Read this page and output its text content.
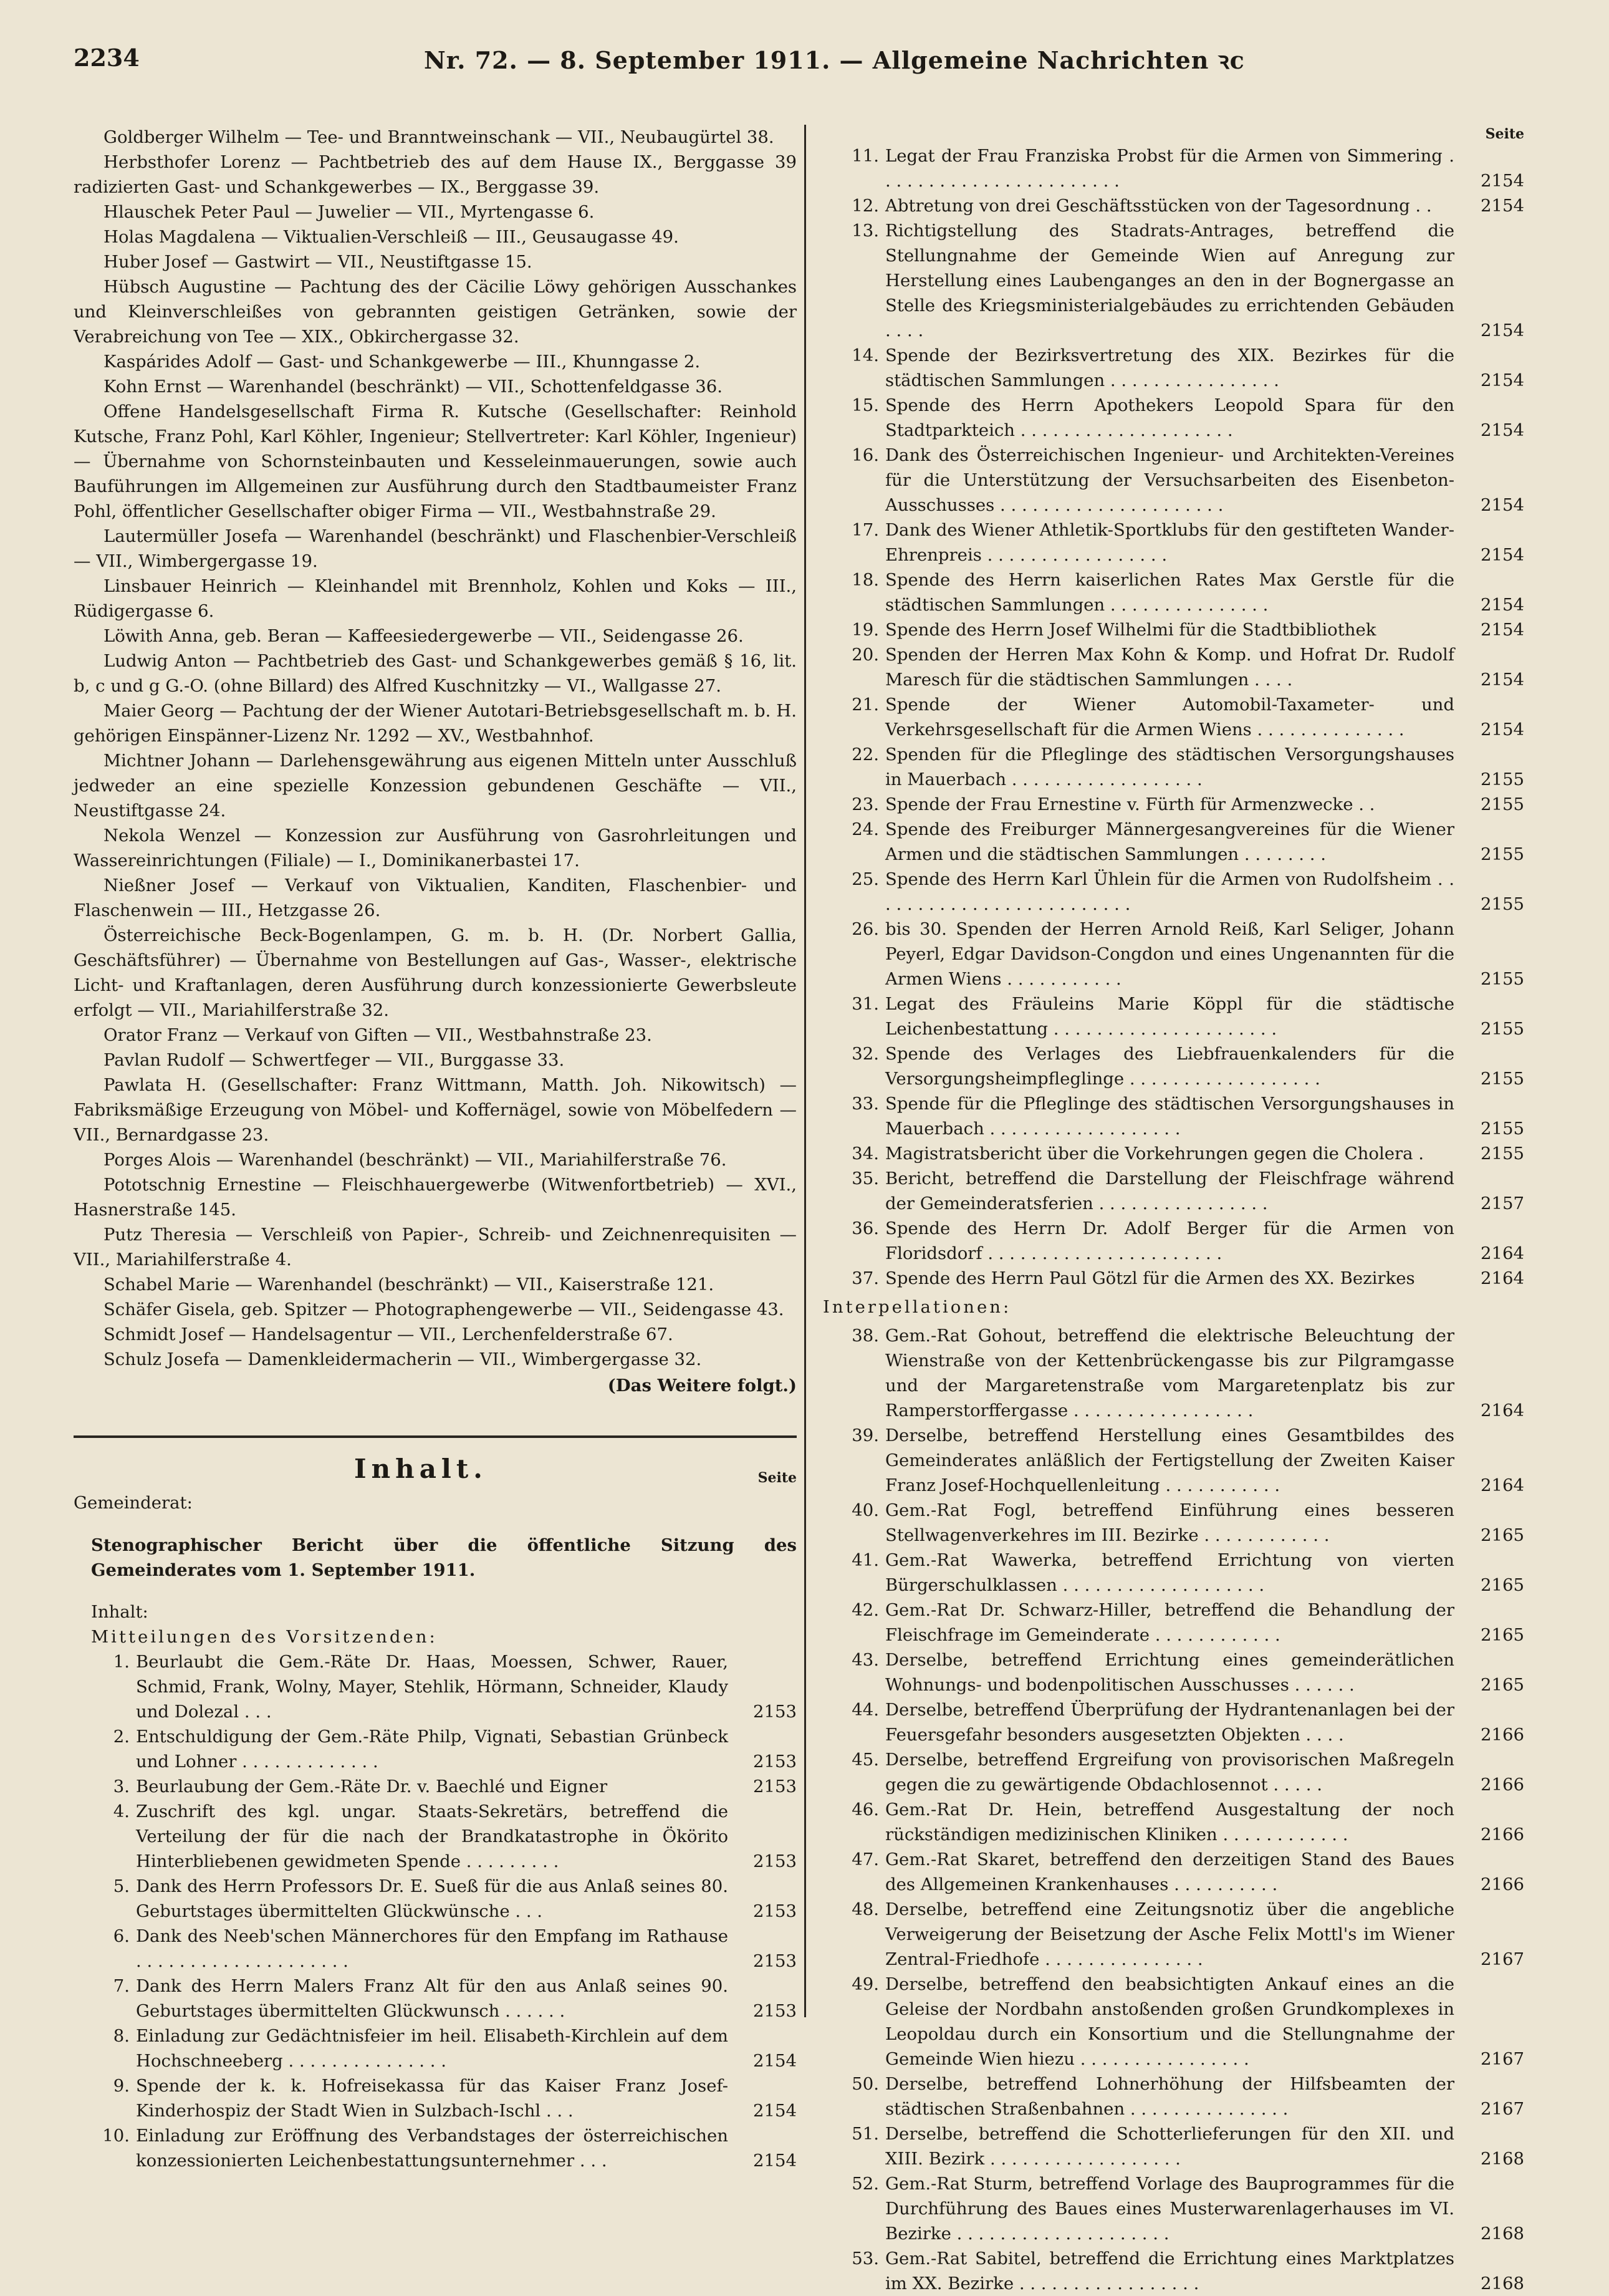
2234	Nr. 72. — 8. September 1911. — Allgemeine Nachrichten ꝛc

Goldberger Wilhelm — Tee- und Branntweinschank — VII., Neubaugürtel 38.

Herbsthofer Lorenz — Pachtbetrieb des auf dem Hause IX., Berggasse 39 radizierten Gast- und Schankgewerbes — IX., Berggasse 39.

Hlauschek Peter Paul — Juwelier — VII., Myrtengasse 6.

Holas Magdalena — Viktualien-Verschleiß — III., Geusaugasse 49.

Huber Josef — Gastwirt — VII., Neustiftgasse 15.

Hübsch Augustine — Pachtung des der Cäcilie Löwy gehörigen Ausschankes und Kleinverschleißes von gebrannten geistigen Getränken, sowie der Verabreichung von Tee — XIX., Obkirchergasse 32.

Kaspárides Adolf — Gast- und Schankgewerbe — III., Khunngasse 2.

Kohn Ernst — Warenhandel (beschränkt) — VII., Schottenfeldgasse 36.

Offene Handelsgesellschaft Firma R. Kutsche (Gesellschafter: Reinhold Kutsche, Franz Pohl, Karl Köhler, Ingenieur; Stellvertreter: Karl Köhler, Ingenieur) — Übernahme von Schornsteinbauten und Kesseleinmauerungen, sowie auch Bauführungen im Allgemeinen zur Ausführung durch den Stadtbaumeister Franz Pohl, öffentlicher Gesellschafter obiger Firma — VII., Westbahnstraße 29.

Lautermüller Josefa — Warenhandel (beschränkt) und Flaschenbier-Verschleiß — VII., Wimbergergasse 19.

Linsbauer Heinrich — Kleinhandel mit Brennholz, Kohlen und Koks — III., Rüdigergasse 6.

Löwith Anna, geb. Beran — Kaffeesiedergewerbe — VII., Seidengasse 26.

Ludwig Anton — Pachtbetrieb des Gast- und Schankgewerbes gemäß § 16, lit. b, c und g G.-O. (ohne Billard) des Alfred Kuschnitzky — VI., Wallgasse 27.

Maier Georg — Pachtung der der Wiener Autotari-Betriebsgesellschaft m. b. H. gehörigen Einspänner-Lizenz Nr. 1292 — XV., Westbahnhof.

Michtner Johann — Darlehensgewährung aus eigenen Mitteln unter Ausschluß jedweder an eine spezielle Konzession gebundenen Geschäfte — VII., Neustiftgasse 24.

Nekola Wenzel — Konzession zur Ausführung von Gasrohrleitungen und Wassereinrichtungen (Filiale) — I., Dominikanerbastei 17.

Nießner Josef — Verkauf von Viktualien, Kanditen, Flaschenbier- und Flaschenwein — III., Hetzgasse 26.

Österreichische Beck-Bogenlampen, G. m. b. H. (Dr. Norbert Gallia, Geschäftsführer) — Übernahme von Bestellungen auf Gas-, Wasser-, elektrische Licht- und Kraftanlagen, deren Ausführung durch konzessionierte Gewerbsleute erfolgt — VII., Mariahilferstraße 32.

Orator Franz — Verkauf von Giften — VII., Westbahnstraße 23.

Pavlan Rudolf — Schwertfeger — VII., Burggasse 33.

Pawlata H. (Gesellschafter: Franz Wittmann, Matth. Joh. Nikowitsch) — Fabriksmäßige Erzeugung von Möbel- und Koffernägel, sowie von Möbelfedern — VII., Bernardgasse 23.

Porges Alois — Warenhandel (beschränkt) — VII., Mariahilferstraße 76.

Pototschnig Ernestine — Fleischhauergewerbe (Witwenfortbetrieb) — XVI., Hasnerstraße 145.

Putz Theresia — Verschleiß von Papier-, Schreib- und Zeichnenrequisiten — VII., Mariahilferstraße 4.

Schabel Marie — Warenhandel (beschränkt) — VII., Kaiserstraße 121.

Schäfer Gisela, geb. Spitzer — Photographengewerbe — VII., Seidengasse 43.

Schmidt Josef — Handelsagentur — VII., Lerchenfelderstraße 67.

Schulz Josefa — Damenkleidermacherin — VII., Wimbergergasse 32.

(Das Weitere folgt.)
Inhalt.	Seite

Gemeinderat:

Stenographischer Bericht über die öffentliche Sitzung des Gemeinderates vom 1. September 1911.

Inhalt:

Mitteilungen des Vorsitzenden:

1. Beurlaubt die Gem.-Räte Dr. Haas, Moessen, Schwer, Rauer, Schmid, Frank, Wolny, Mayer, Stehlik, Hörmann, Schneider, Klaudy und Dolezal . . .	2153
2. Entschuldigung der Gem.-Räte Philp, Vignati, Sebastian Grünbeck und Lohner . . . . . . . . . . . . .	2153
3. Beurlaubung der Gem.-Räte Dr. v. Baechlé und Eigner	2153
4. Zuschrift des kgl. ungar. Staats-Sekretärs, betreffend die Verteilung der für die nach der Brandkatastrophe in Ökörito Hinterbliebenen gewidmeten Spende . . . . . . . . .	2153
5. Dank des Herrn Professors Dr. E. Sueß für die aus Anlaß seines 80. Geburtstages übermittelten Glückwünsche . . .	2153
6. Dank des Neeb'schen Männerchores für den Empfang im Rathause . . . . . . . . . . . . . . . . . . . .	2153
7. Dank des Herrn Malers Franz Alt für den aus Anlaß seines 90. Geburtstages übermittelten Glückwunsch . . . . . .	2153
8. Einladung zur Gedächtnisfeier im heil. Elisabeth-Kirchlein auf dem Hochschneeberg . . . . . . . . . . . . . . .	2154
9. Spende der k. k. Hofreisekassa für das Kaiser Franz Josef-Kinderhospiz der Stadt Wien in Sulzbach-Ischl . . .	2154
10. Einladung zur Eröffnung des Verbandstages der österreichischen konzessionierten Leichenbestattungsunternehmer . . .	2154
Seite
11. Legat der Frau Franziska Probst für die Armen von Simmering . . . . . . . . . . . . . . . . . . . . . . .	2154
12. Abtretung von drei Geschäftsstücken von der Tagesordnung . .	2154
13. Richtigstellung des Stadrats-Antrages, betreffend die Stellungnahme der Gemeinde Wien auf Anregung zur Herstellung eines Laubenganges an den in der Bognergasse an Stelle des Kriegsministerialgebäudes zu errichtenden Gebäuden . . . .	2154
14. Spende der Bezirksvertretung des XIX. Bezirkes für die städtischen Sammlungen . . . . . . . . . . . . . . . .	2154
15. Spende des Herrn Apothekers Leopold Spara für den Stadtparkteich . . . . . . . . . . . . . . . . . . . .	2154
16. Dank des Österreichischen Ingenieur- und Architekten-Vereines für die Unterstützung der Versuchsarbeiten des Eisenbeton-Ausschusses . . . . . . . . . . . . . . . . . . . . .	2154
17. Dank des Wiener Athletik-Sportklubs für den gestifteten Wander-Ehrenpreis . . . . . . . . . . . . . . . . .	2154
18. Spende des Herrn kaiserlichen Rates Max Gerstle für die städtischen Sammlungen . . . . . . . . . . . . . . .	2154
19. Spende des Herrn Josef Wilhelmi für die Stadtbibliothek	2154
20. Spenden der Herren Max Kohn & Komp. und Hofrat Dr. Rudolf Maresch für die städtischen Sammlungen . . . .	2154
21. Spende der Wiener Automobil-Taxameter- und Verkehrsgesellschaft für die Armen Wiens . . . . . . . . . . . . . .	2154
22. Spenden für die Pfleglinge des städtischen Versorgungshauses in Mauerbach . . . . . . . . . . . . . . . . . .	2155
23. Spende der Frau Ernestine v. Fürth für Armenzwecke . .	2155
24. Spende des Freiburger Männergesangvereines für die Wiener Armen und die städtischen Sammlungen . . . . . . . .	2155
25. Spende des Herrn Karl Ühlein für die Armen von Rudolfsheim . . . . . . . . . . . . . . . . . . . . . . . . .	2155
26. bis 30. Spenden der Herren Arnold Reiß, Karl Seliger, Johann Peyerl, Edgar Davidson-Congdon und eines Ungenannten für die Armen Wiens . . . . . . . . . . .	2155
31. Legat des Fräuleins Marie Köppl für die städtische Leichenbestattung . . . . . . . . . . . . . . . . . . . . .	2155
32. Spende des Verlages des Liebfrauenkalenders für die Versorgungsheimpfleglinge . . . . . . . . . . . . . . . . . .	2155
33. Spende für die Pfleglinge des städtischen Versorgungshauses in Mauerbach . . . . . . . . . . . . . . . . . .	2155
34. Magistratsbericht über die Vorkehrungen gegen die Cholera .	2155
35. Bericht, betreffend die Darstellung der Fleischfrage während der Gemeinderatsferien . . . . . . . . . . . . . . . .	2157
36. Spende des Herrn Dr. Adolf Berger für die Armen von Floridsdorf . . . . . . . . . . . . . . . . . . . . . .	2164
37. Spende des Herrn Paul Götzl für die Armen des XX. Bezirkes	2164

Interpellationen:

38. Gem.-Rat Gohout, betreffend die elektrische Beleuchtung der Wienstraße von der Kettenbrückengasse bis zur Pilgramgasse und der Margaretenstraße vom Margaretenplatz bis zur Ramperstorffergasse . . . . . . . . . . . . . . . . .	2164
39. Derselbe, betreffend Herstellung eines Gesamtbildes des Gemeinderates anläßlich der Fertigstellung der Zweiten Kaiser Franz Josef-Hochquellenleitung . . . . . . . . . . .	2164
40. Gem.-Rat Fogl, betreffend Einführung eines besseren Stellwagenverkehres im III. Bezirke . . . . . . . . . . . .	2165
41. Gem.-Rat Wawerka, betreffend Errichtung von vierten Bürgerschulklassen . . . . . . . . . . . . . . . . . . .	2165
42. Gem.-Rat Dr. Schwarz-Hiller, betreffend die Behandlung der Fleischfrage im Gemeinderate . . . . . . . . . . . .	2165
43. Derselbe, betreffend Errichtung eines gemeinderätlichen Wohnungs- und bodenpolitischen Ausschusses . . . . . .	2165
44. Derselbe, betreffend Überprüfung der Hydrantenanlagen bei der Feuersgefahr besonders ausgesetzten Objekten . . . .	2166
45. Derselbe, betreffend Ergreifung von provisorischen Maßregeln gegen die zu gewärtigende Obdachlosennot . . . . .	2166
46. Gem.-Rat Dr. Hein, betreffend Ausgestaltung der noch rückständigen medizinischen Kliniken . . . . . . . . . . . .	2166
47. Gem.-Rat Skaret, betreffend den derzeitigen Stand des Baues des Allgemeinen Krankenhauses . . . . . . . . . .	2166
48. Derselbe, betreffend eine Zeitungsnotiz über die angebliche Verweigerung der Beisetzung der Asche Felix Mottl's im Wiener Zentral-Friedhofe . . . . . . . . . . . . . . .	2167
49. Derselbe, betreffend den beabsichtigten Ankauf eines an die Geleise der Nordbahn anstoßenden großen Grundkomplexes in Leopoldau durch ein Konsortium und die Stellungnahme der Gemeinde Wien hiezu . . . . . . . . . . . . . . . .	2167
50. Derselbe, betreffend Lohnerhöhung der Hilfsbeamten der städtischen Straßenbahnen . . . . . . . . . . . . . . .	2167
51. Derselbe, betreffend die Schotterlieferungen für den XII. und XIII. Bezirk . . . . . . . . . . . . . . . . . .	2168
52. Gem.-Rat Sturm, betreffend Vorlage des Bauprogrammes für die Durchführung des Baues eines Musterwarenlagerhauses im VI. Bezirke . . . . . . . . . . . . . . . . . . . .	2168
53. Gem.-Rat Sabitel, betreffend die Errichtung eines Marktplatzes im XX. Bezirke . . . . . . . . . . . . . . . . .	2168
